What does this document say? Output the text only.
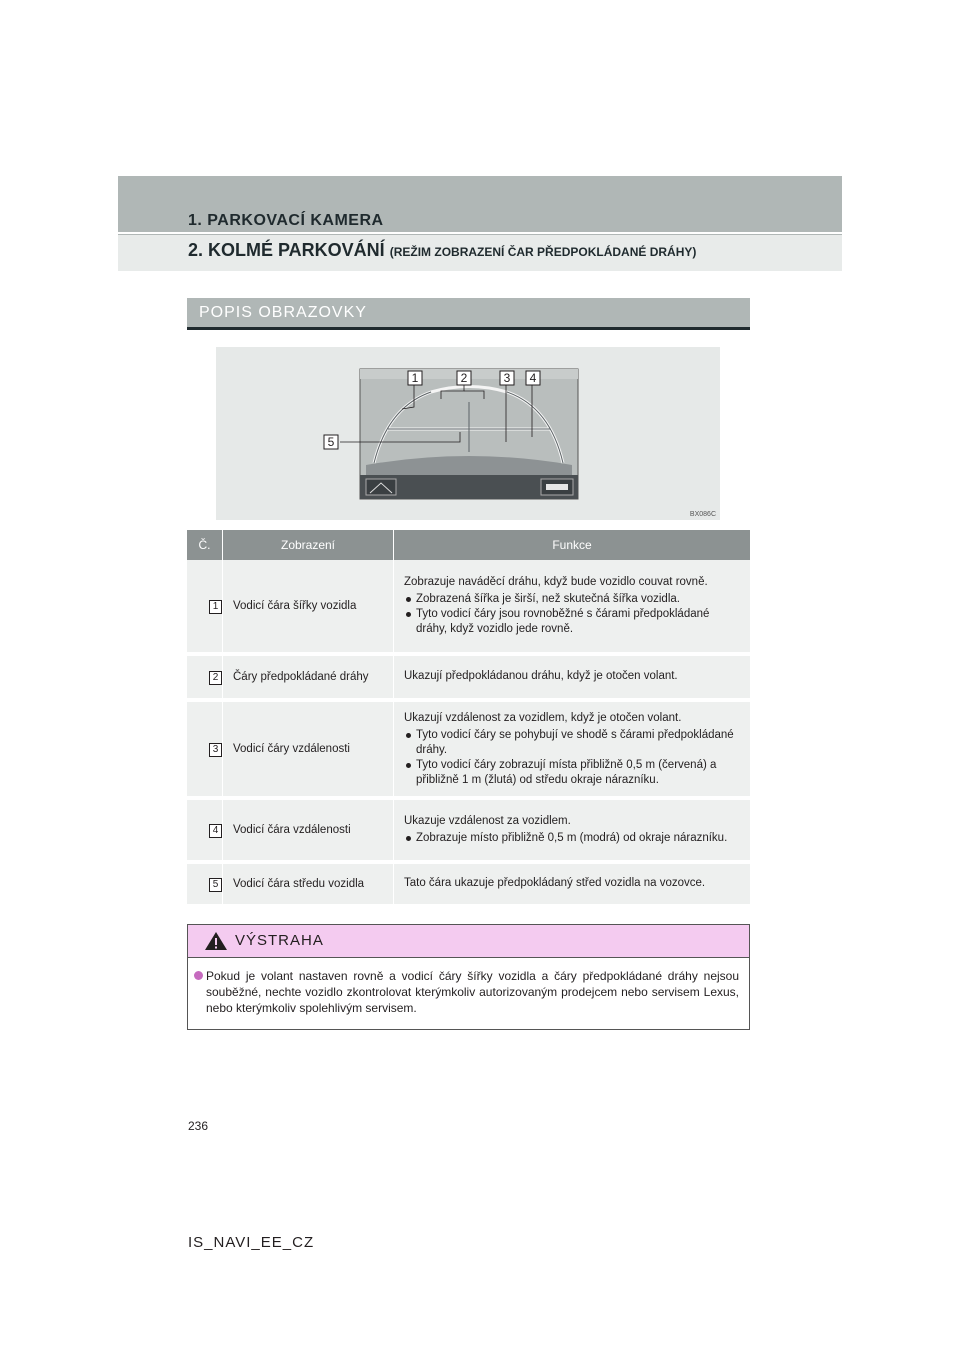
1. PARKOVACÍ KAMERA
2. KOLMÉ PARKOVÁNÍ (REŽIM ZOBRAZENÍ ČAR PŘEDPOKLÁDANÉ DRÁHY)
POPIS OBRAZOVKY
1	2	3 4
5
BX086C
Č.	Zobrazení	Funkce
1	Vodicí čára šířky vozidla	Zobrazuje naváděcí dráhu, když bude vozidlo couvat rovně.
Zobrazená šířka je širší, než skutečná šířka vozidla.
Tyto vodicí čáry jsou rovnoběžné s čárami předpokládané dráhy, když vozidlo jede rovně.

2	Čáry předpokládané dráhy	Ukazují předpokládanou dráhu, když je otočen volant.

3	Vodicí čáry vzdálenosti	Ukazují vzdálenost za vozidlem, když je otočen volant.
Tyto vodicí čáry se pohybují ve shodě s čárami předpokládané dráhy.
Tyto vodicí čáry zobrazují místa přibližně 0,5 m (červená) a přibližně 1 m (žlutá) od středu okraje nárazníku.

4	Vodicí čára vzdálenosti	Ukazuje vzdálenost za vozidlem.
Zobrazuje místo přibližně 0,5 m (modrá) od okraje nárazníku.

5	Vodicí čára středu vozidla	Tato čára ukazuje předpokládaný střed vozidla na vozovce.
VÝSTRAHA
Pokud je volant nastaven rovně a vodicí čáry šířky vozidla a čáry předpokládané dráhy nejsou souběžné, nechte vozidlo zkontrolovat kterýmkoliv autorizovaným prodejcem nebo servisem Lexus, nebo kterýmkoliv spolehlivým servisem.
236
IS_NAVI_EE_CZ
